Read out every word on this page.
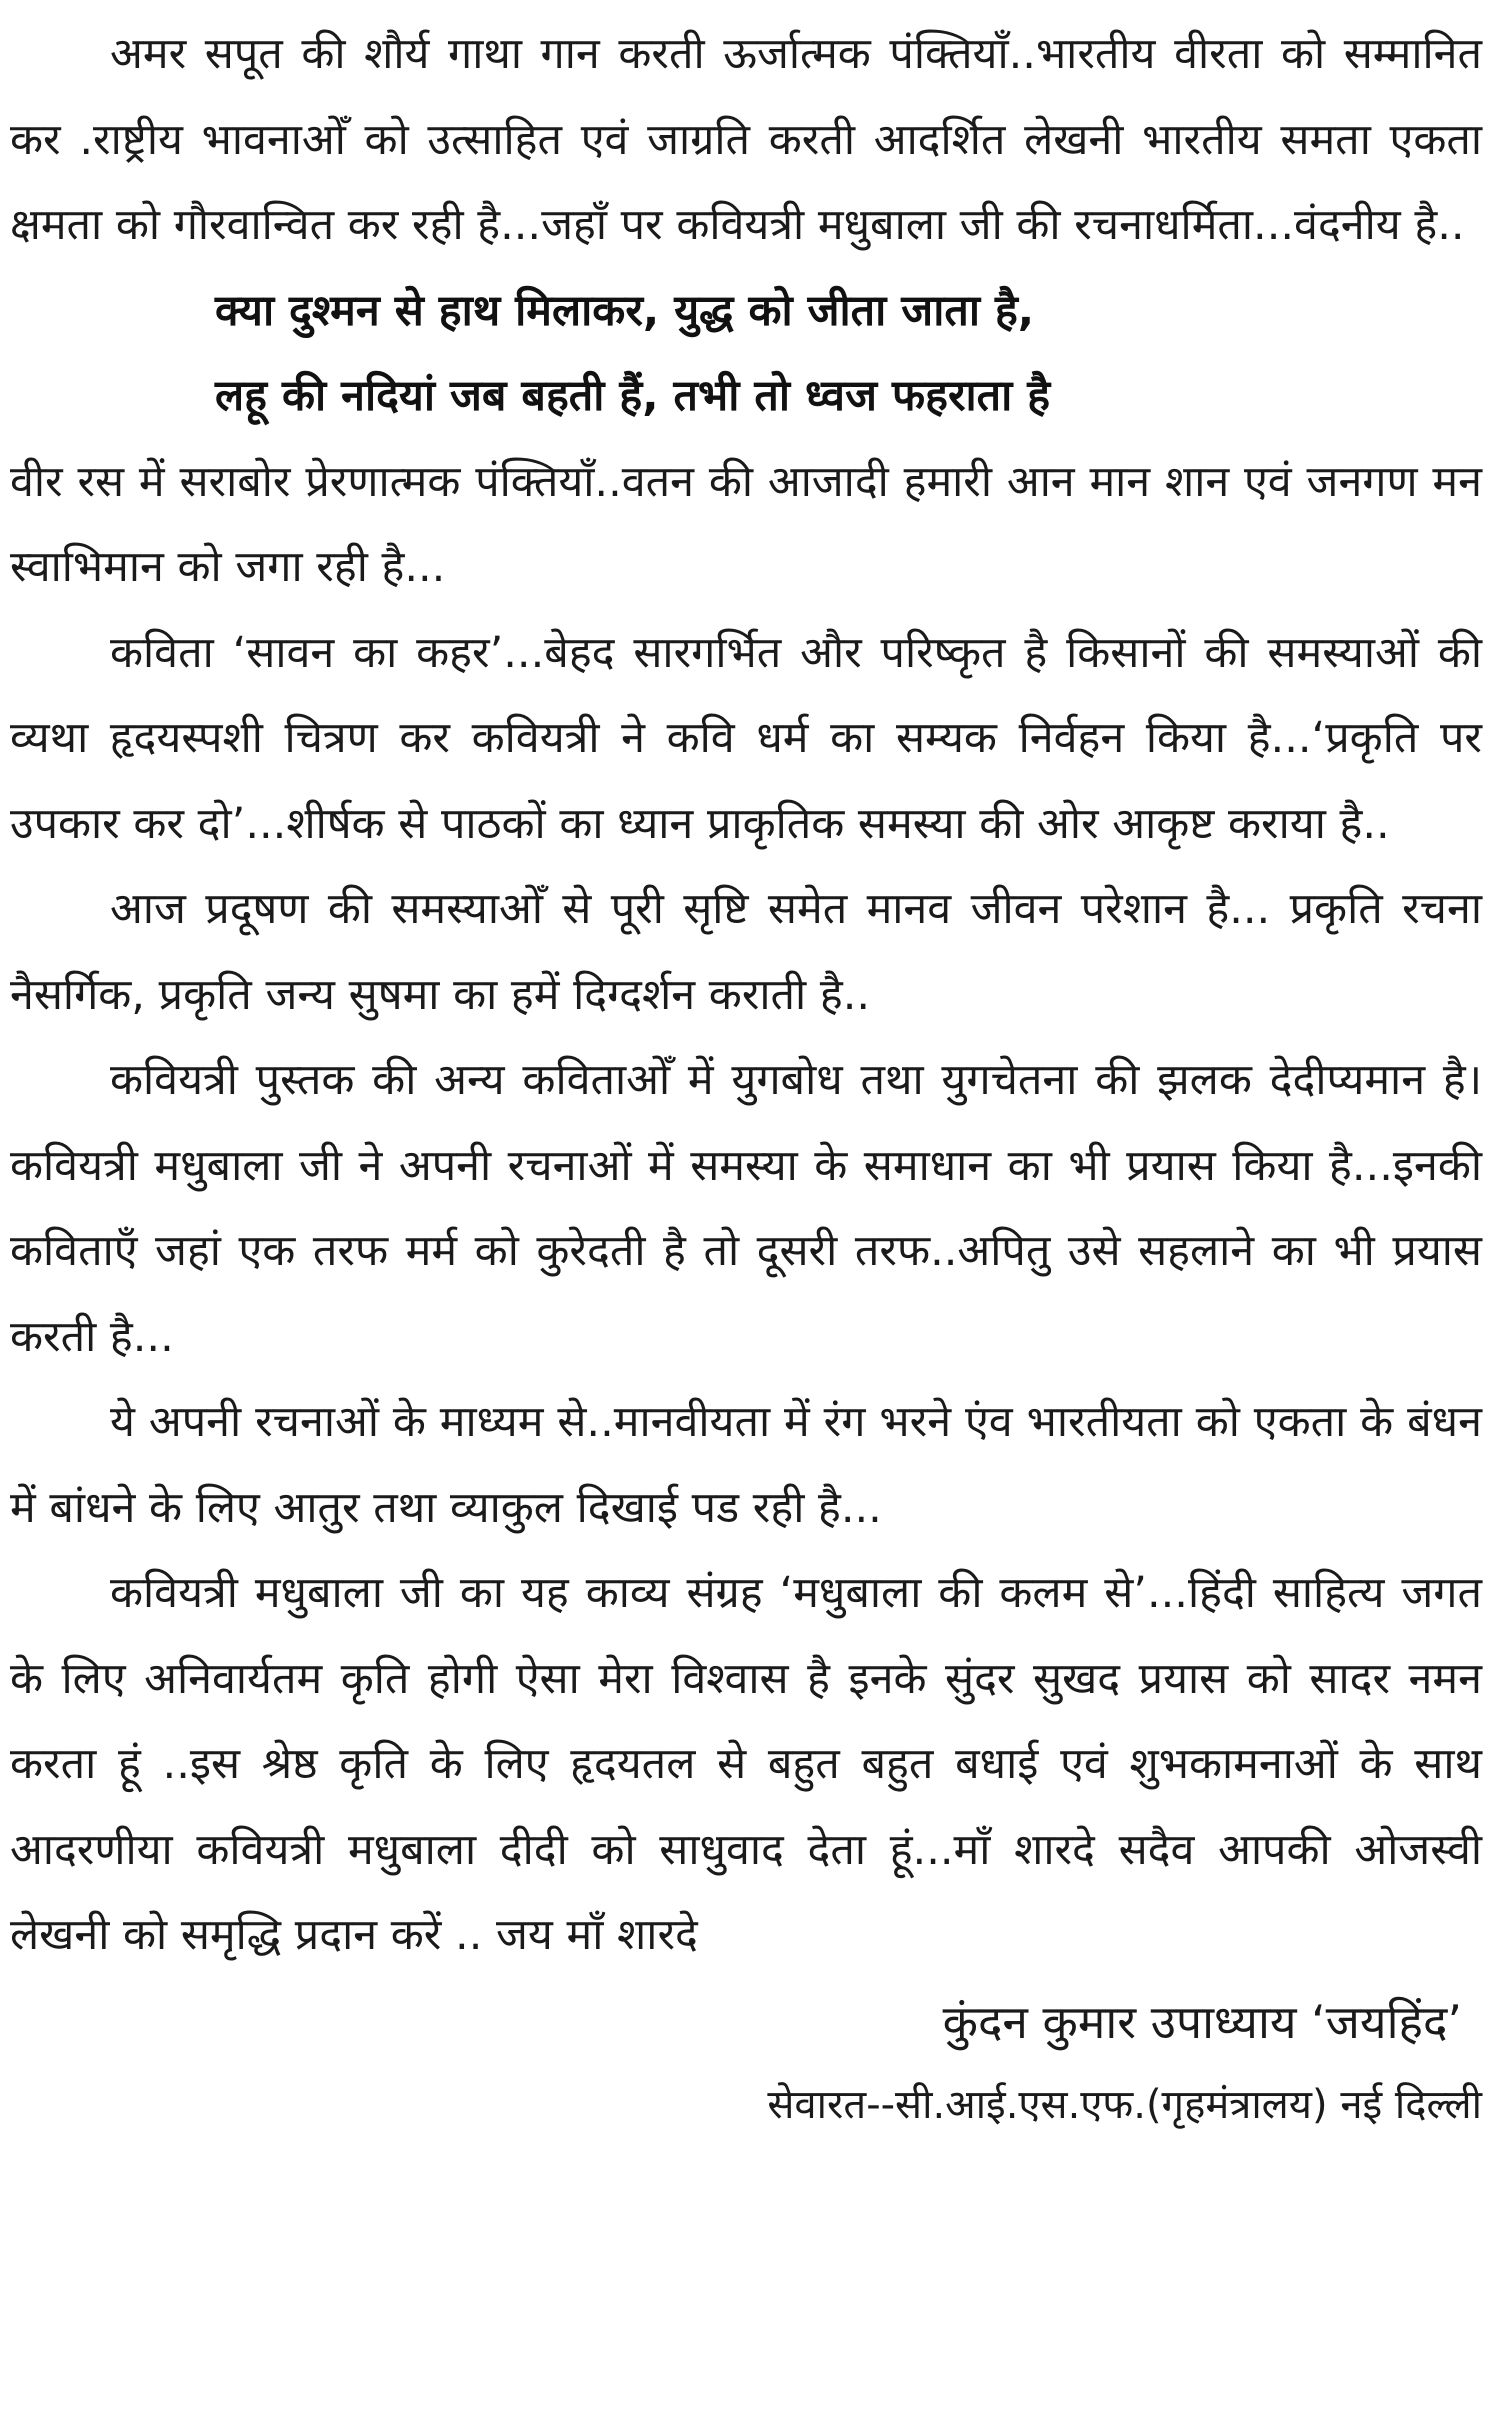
अमर सपूत की शौर्य गाथा गान करती ऊर्जात्मक पंक्तियाँ..भारतीय वीरता को सम्मानित कर .राष्ट्रीय भावनाओँ को उत्साहित एवं जाग्रति करती आदर्शित लेखनी भारतीय समता एकता क्षमता को गौरवान्वित कर रही है...जहाँ पर कवियत्री मधुबाला जी की रचनाधर्मिता...वंदनीय है..

क्या दुश्मन से हाथ मिलाकर, युद्ध को जीता जाता है,

लहू की नदियां जब बहती हैं, तभी तो ध्वज फहराता है

वीर रस में सराबोर प्रेरणात्मक पंक्तियाँ..वतन की आजादी हमारी आन मान शान एवं जनगण मन स्वाभिमान को जगा रही है...

कविता ‘सावन का कहर’...बेहद सारगर्भित और परिष्कृत है किसानों की समस्याओं की व्यथा हृदयस्पशी चित्रण कर कवियत्री ने कवि धर्म का सम्यक निर्वहन किया है...‘प्रकृति पर उपकार कर दो’...शीर्षक से पाठकों का ध्यान प्राकृतिक समस्या की ओर आकृष्ट कराया है..

आज प्रदूषण की समस्याओँ से पूरी सृष्टि समेत मानव जीवन परेशान है... प्रकृति रचना नैसर्गिक, प्रकृति जन्य सुषमा का हमें दिग्दर्शन कराती है..

कवियत्री पुस्तक की अन्य कविताओँ में युगबोध तथा युगचेतना की झलक देदीप्यमान है। कवियत्री मधुबाला जी ने अपनी रचनाओं में समस्या के समाधान का भी प्रयास किया है...इनकी कविताएँ जहां एक तरफ मर्म को कुरेदती है तो दूसरी तरफ..अपितु उसे सहलाने का भी प्रयास करती है...

ये अपनी रचनाओं के माध्यम से..मानवीयता में रंग भरने एंव भारतीयता को एकता के बंधन में बांधने के लिए आतुर तथा व्याकुल दिखाई पड रही है...

कवियत्री मधुबाला जी का यह काव्य संग्रह ‘मधुबाला की कलम से’...हिंदी साहित्य जगत के लिए अनिवार्यतम कृति होगी ऐसा मेरा विश्वास है इनके सुंदर सुखद प्रयास को सादर नमन करता हूं ..इस श्रेष्ठ कृति के लिए हृदयतल से बहुत बहुत बधाई एवं शुभकामनाओं के साथ आदरणीया कवियत्री मधुबाला दीदी को साधुवाद देता हूं...माँ शारदे सदैव आपकी ओजस्वी लेखनी को समृद्धि प्रदान करें .. जय माँ शारदे

कुंदन कुमार उपाध्याय ‘जयहिंद’

सेवारत--सी.आई.एस.एफ.(गृहमंत्रालय) नई दिल्ली
